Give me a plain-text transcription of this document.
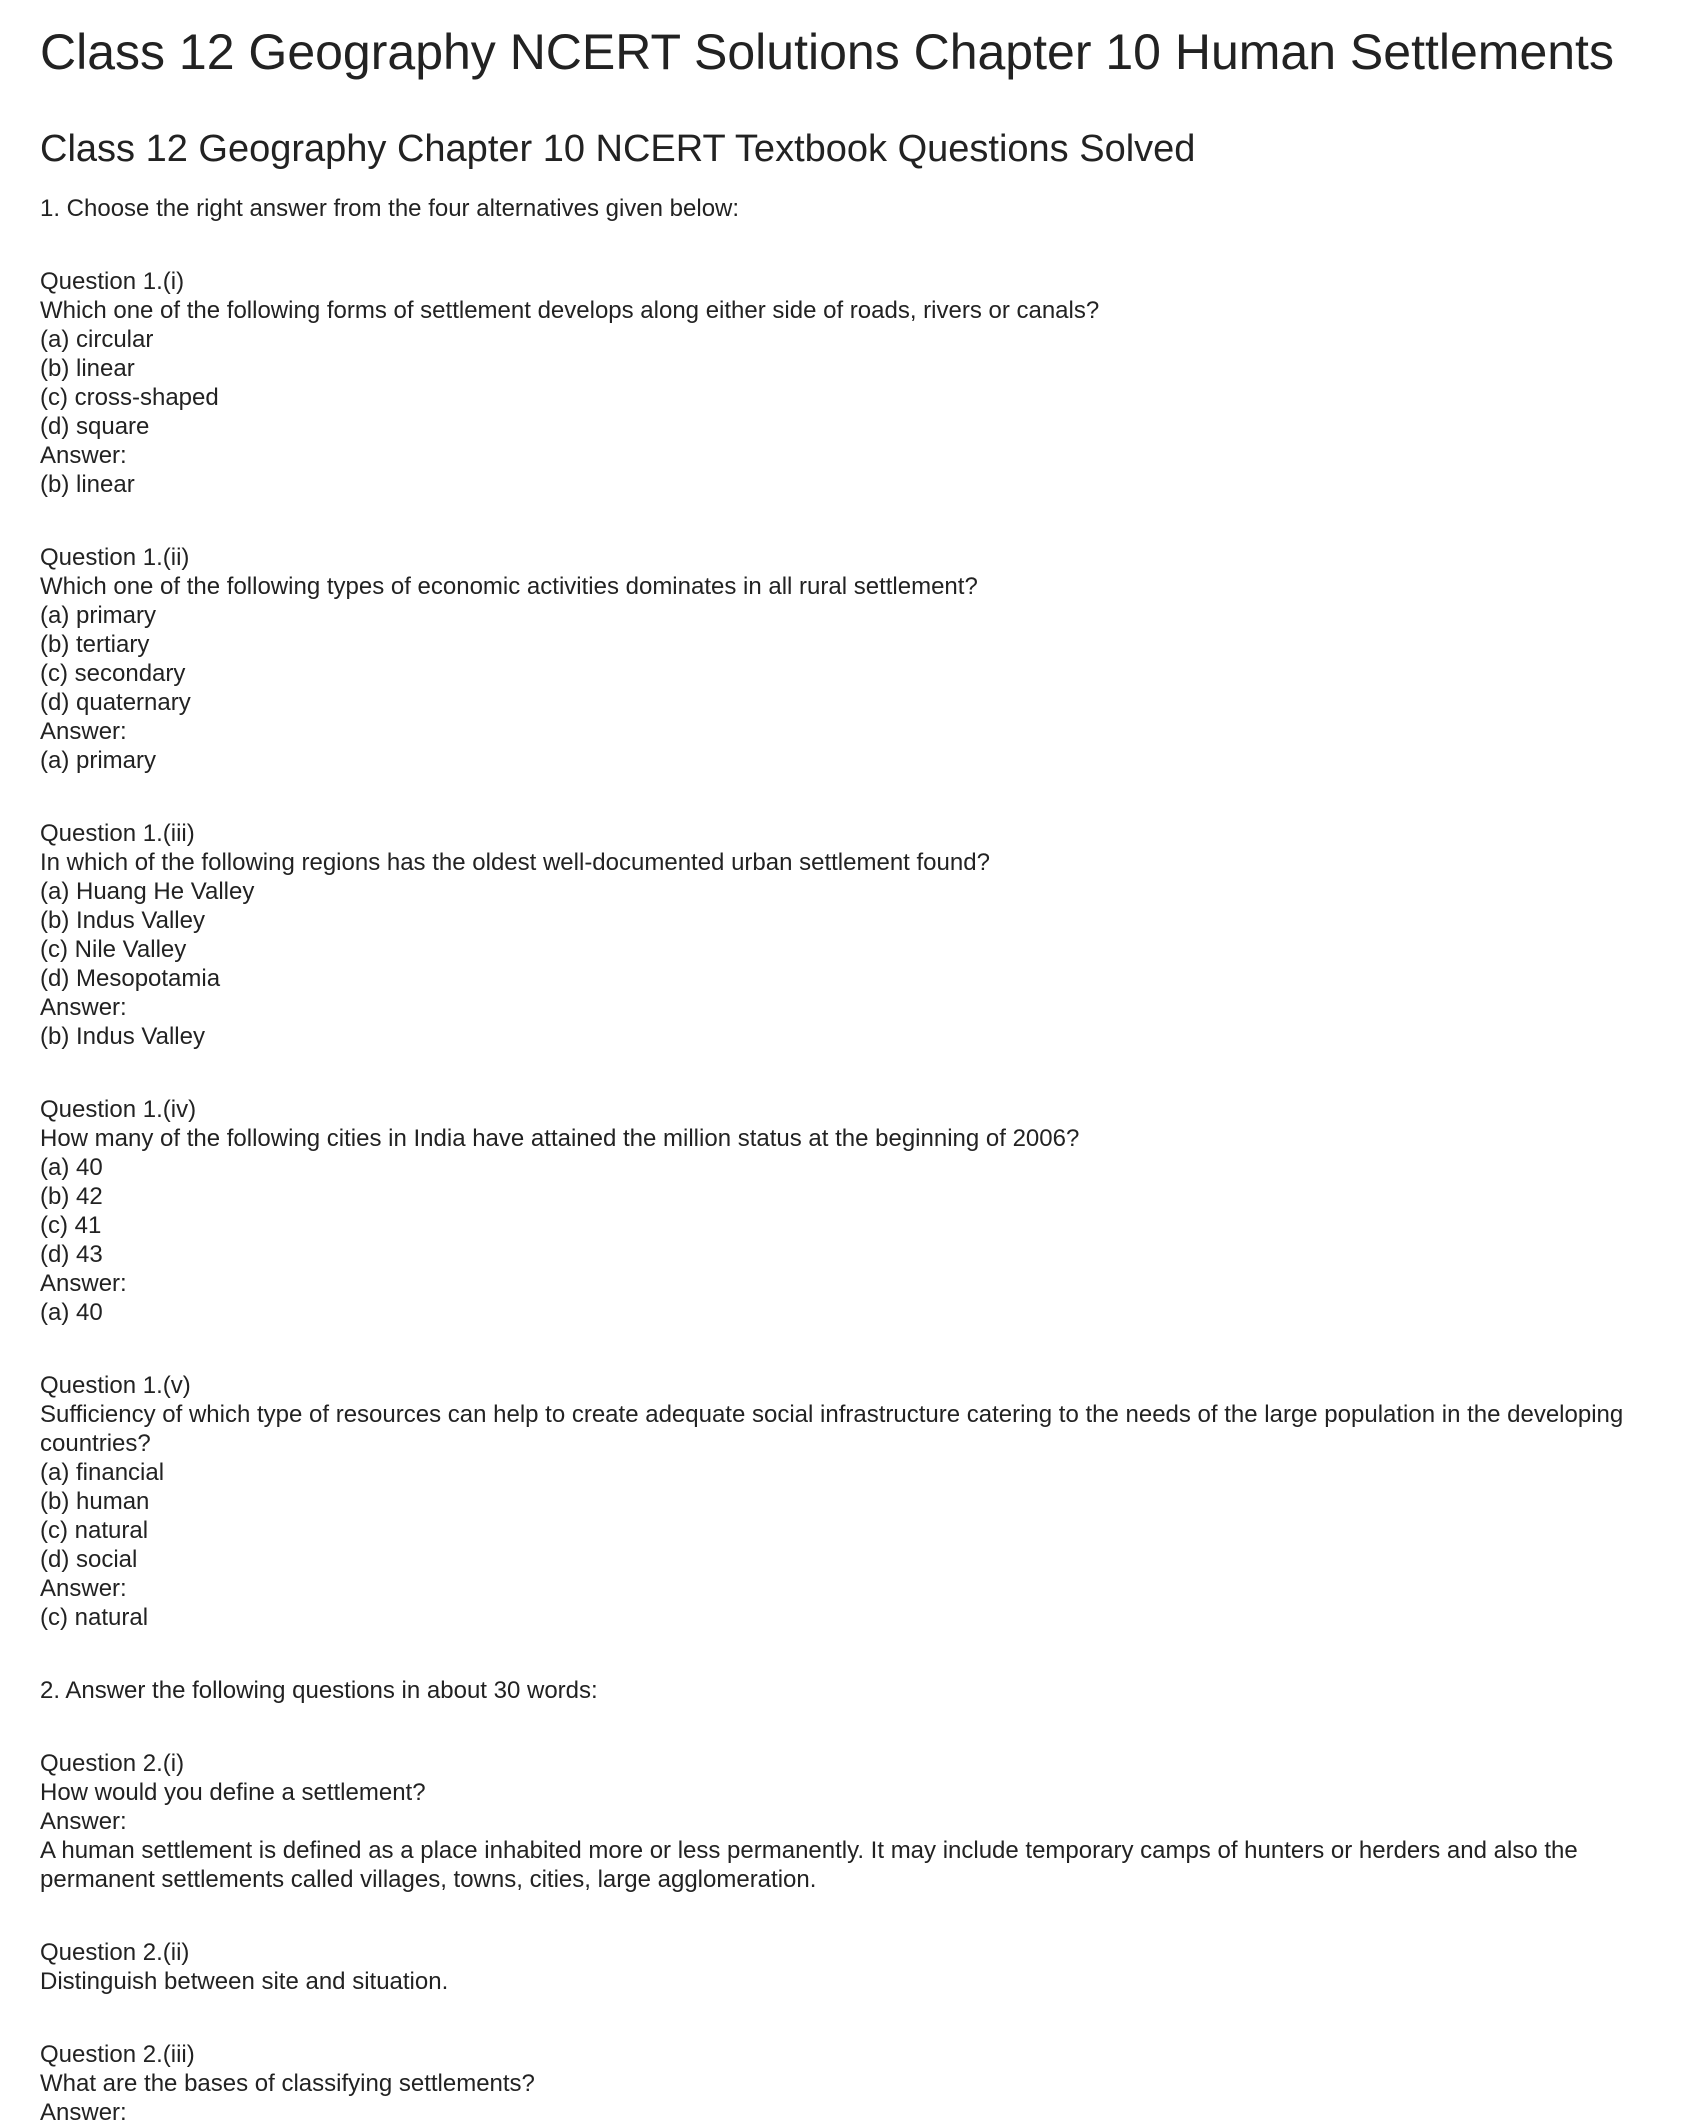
Class 12 Geography NCERT Solutions Chapter 10 Human Settlements
Class 12 Geography Chapter 10 NCERT Textbook Questions Solved

1. Choose the right answer from the four alternatives given below:

Question 1.(i)
Which one of the following forms of settlement develops along either side of roads, rivers or canals?
(a) circular
(b) linear
(c) cross-shaped
(d) square
Answer:
(b) linear
Question 1.(ii)
Which one of the following types of economic activities dominates in all rural settlement?
(a) primary
(b) tertiary
(c) secondary
(d) quaternary
Answer:
(a) primary
Question 1.(iii)
In which of the following regions has the oldest well-documented urban settlement found?
(a) Huang He Valley
(b) Indus Valley
(c) Nile Valley
(d) Mesopotamia
Answer:
(b) Indus Valley
Question 1.(iv)
How many of the following cities in India have attained the million status at the beginning of 2006?
(a) 40
(b) 42
(c) 41
(d) 43
Answer:
(a) 40
Question 1.(v)
Sufficiency of which type of resources can help to create adequate social infrastructure catering to the needs of the large population in the developing countries?
(a) financial
(b) human
(c) natural
(d) social
Answer:
(c) natural
2. Answer the following questions in about 30 words:
Question 2.(i)
How would you define a settlement?
Answer:
A human settlement is defined as a place inhabited more or less permanently. It may include temporary camps of hunters or herders and also the permanent settlements called villages, towns, cities, large agglomeration.
Question 2.(ii)
Distinguish between site and situation.
Question 2.(iii)
What are the bases of classifying settlements?
Answer:
